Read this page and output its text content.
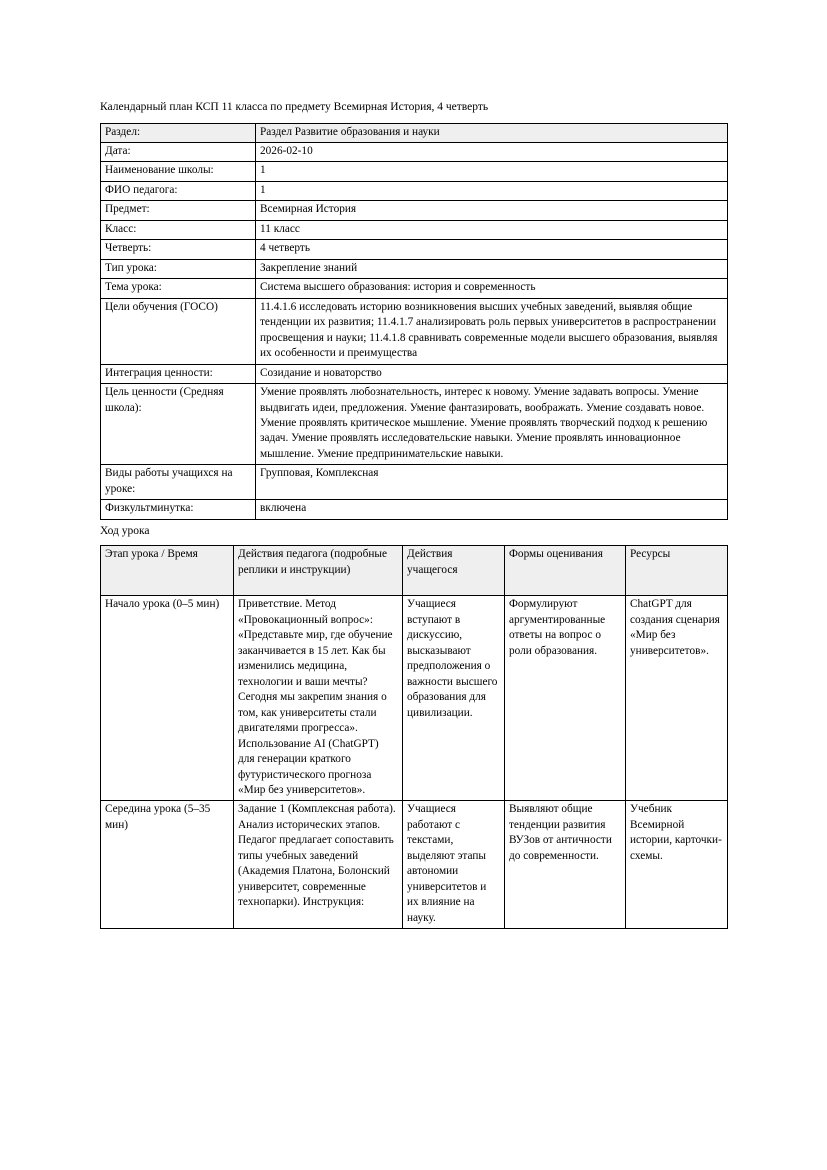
Календарный план КСП 11 класса по предмету Всемирная История, 4 четверть
Раздел:	Раздел Развитие образования и науки
Дата:	2026-02-10
Наименование школы:	1
ФИО педагога:	1
Предмет:	Всемирная История
Класс:	11 класс
Четверть:	4 четверть
Тип урока:	Закрепление знаний
Тема урока:	Система высшего образования: история и современность
Цели обучения (ГОСО)	11.4.1.6 исследовать историю возникновения высших учебных заведений, выявляя общие тенденции их развития; 11.4.1.7 анализировать роль первых университетов в распространении просвещения и науки; 11.4.1.8 сравнивать современные модели высшего образования, выявляя их особенности и преимущества
Интеграция ценности:	Созидание и новаторство
Цель ценности (Средняя школа):	Умение проявлять любознательность, интерес к новому. Умение задавать вопросы. Умение выдвигать идеи, предложения. Умение фантазировать, воображать. Умение создавать новое. Умение проявлять критическое мышление. Умение проявлять творческий подход к решению задач. Умение проявлять исследовательские навыки. Умение проявлять инновационное мышление. Умение предпринимательские навыки.
Виды работы учащихся на уроке:	Групповая, Комплексная
Физкультминутка:	включена
Ход урока
Этап урока / Время	Действия педагога (подробные реплики и инструкции)	Действия учащегося	Формы оценивания	Ресурсы
Начало урока (0–5 мин)	Приветствие. Метод «Провокационный вопрос»: «Представьте мир, где обучение заканчивается в 15 лет. Как бы изменились медицина, технологии и ваши мечты? Сегодня мы закрепим знания о том, как университеты стали двигателями прогресса». Использование AI (ChatGPT) для генерации краткого футуристического прогноза «Мир без университетов».	Учащиеся вступают в дискуссию, высказывают предположения о важности высшего образования для цивилизации.	Формулируют аргументированные ответы на вопрос о роли образования.	ChatGPT для создания сценария «Мир без университетов».
Середина урока (5–35 мин)	Задание 1 (Комплексная работа). Анализ исторических этапов. Педагог предлагает сопоставить типы учебных заведений (Академия Платона, Болонский университет, современные технопарки). Инструкция:	Учащиеся работают с текстами, выделяют этапы автономии университетов и их влияние на науку.	Выявляют общие тенденции развития ВУЗов от античности до современности.	Учебник Всемирной истории, карточки-схемы.
